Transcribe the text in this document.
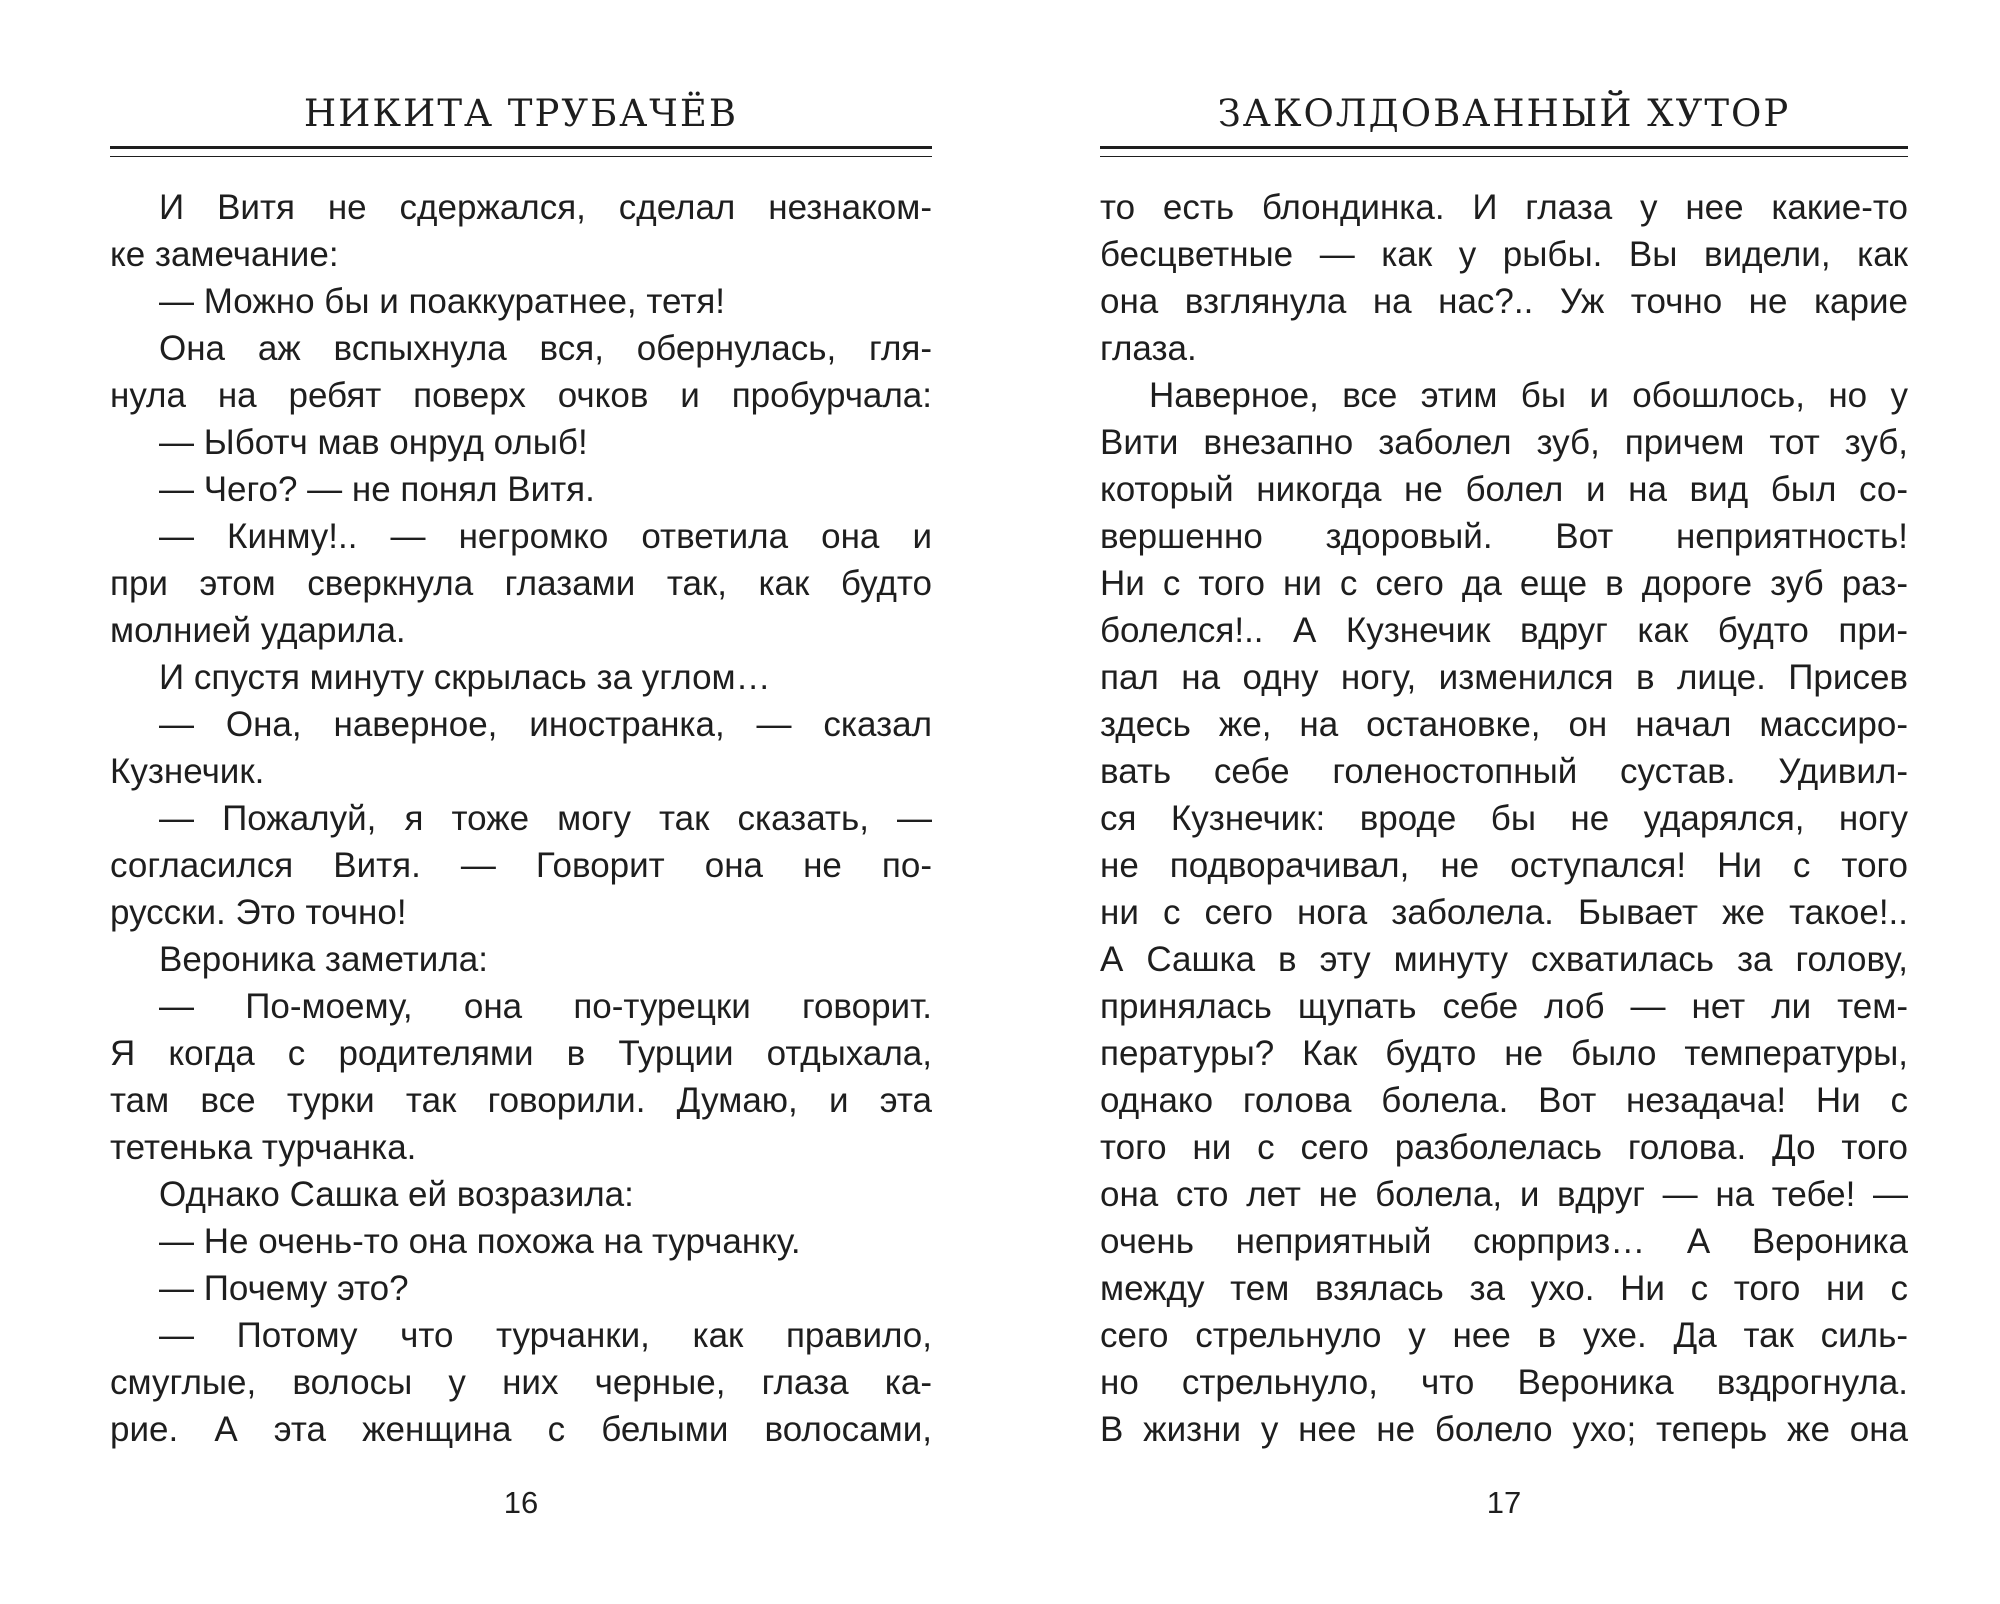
НИКИТА ТРУБАЧЁВ
И Витя не сдержался, сделал незнаком-
ке замечание:
— Можно бы и поаккуратнее, тетя!
Она аж вспыхнула вся, обернулась, гля-
нула на ребят поверх очков и пробурчала:
— Ыботч мав онруд олыб!
— Чего? — не понял Витя.
— Кинму!.. — негромко ответила она и
при этом сверкнула глазами так, как будто
молнией ударила.
И спустя минуту скрылась за углом…
— Она, наверное, иностранка, — сказал
Кузнечик.
— Пожалуй, я тоже могу так сказать, —
согласился Витя. — Говорит она не по-
русски. Это точно!
Вероника заметила:
— По-моему, она по-турецки говорит.
Я когда с родителями в Турции отдыхала,
там все турки так говорили. Думаю, и эта
тетенька турчанка.
Однако Сашка ей возразила:
— Не очень-то она похожа на турчанку.
— Почему это?
— Потому что турчанки, как правило,
смуглые, волосы у них черные, глаза ка-
рие. А эта женщина с белыми волосами,
16
ЗАКОЛДОВАННЫЙ ХУТОР
то есть блондинка. И глаза у нее какие-то
бесцветные — как у рыбы. Вы видели, как
она взглянула на нас?.. Уж точно не карие
глаза.
Наверное, все этим бы и обошлось, но у
Вити внезапно заболел зуб, причем тот зуб,
который никогда не болел и на вид был со-
вершенно здоровый. Вот неприятность!
Ни с того ни с сего да еще в дороге зуб раз-
болелся!.. А Кузнечик вдруг как будто при-
пал на одну ногу, изменился в лице. Присев
здесь же, на остановке, он начал массиро-
вать себе голеностопный сустав. Удивил-
ся Кузнечик: вроде бы не ударялся, ногу
не подворачивал, не оступался! Ни с того
ни с сего нога заболела. Бывает же такое!..
А Сашка в эту минуту схватилась за голову,
принялась щупать себе лоб — нет ли тем-
пературы? Как будто не было температуры,
однако голова болела. Вот незадача! Ни с
того ни с сего разболелась голова. До того
она сто лет не болела, и вдруг — на тебе! —
очень неприятный сюрприз… А Вероника
между тем взялась за ухо. Ни с того ни с
сего стрельнуло у нее в ухе. Да так силь-
но стрельнуло, что Вероника вздрогнула.
В жизни у нее не болело ухо; теперь же она
17
